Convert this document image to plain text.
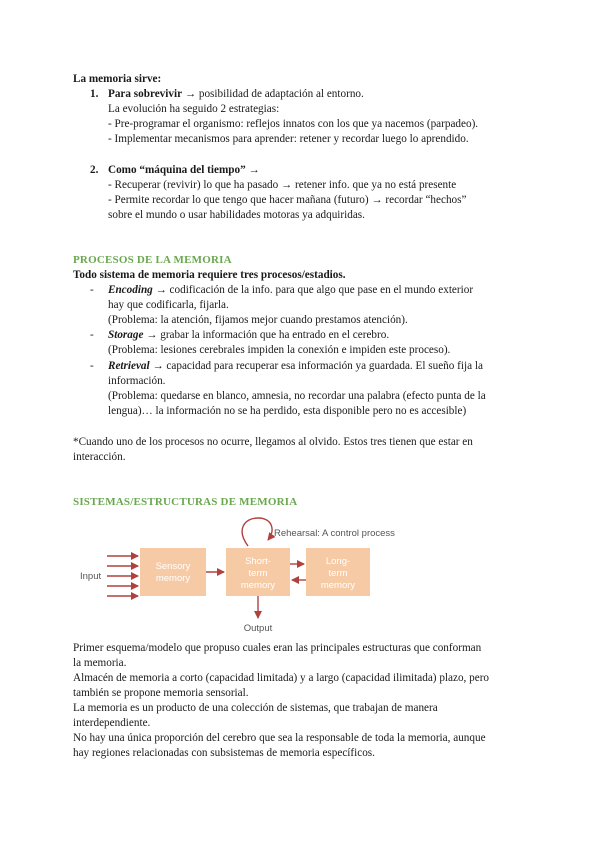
La memoria sirve:
1. Para sobrevivir → posibilidad de adaptación al entorno.
La evolución ha seguido 2 estrategias:
- Pre-programar el organismo: reflejos innatos con los que ya nacemos (parpadeo).
- Implementar mecanismos para aprender: retener y recordar luego lo aprendido.
2. Como “máquina del tiempo” →
- Recuperar (revivir) lo que ha pasado → retener info. que ya no está presente
- Permite recordar lo que tengo que hacer mañana (futuro) → recordar “hechos”
sobre el mundo o usar habilidades motoras ya adquiridas.
PROCESOS DE LA MEMORIA
Todo sistema de memoria requiere tres procesos/estadios.
- Encoding → codificación de la info. para que algo que pase en el mundo exterior
hay que codificarla, fijarla.
(Problema: la atención, fijamos mejor cuando prestamos atención).
- Storage → grabar la información que ha entrado en el cerebro.
(Problema: lesiones cerebrales impiden la conexión e impiden este proceso).
- Retrieval → capacidad para recuperar esa información ya guardada. El sueño fija la
información.
(Problema: quedarse en blanco, amnesia, no recordar una palabra (efecto punta de la
lengua)… la información no se ha perdido, esta disponible pero no es accesible)
*Cuando uno de los procesos no ocurre, llegamos al olvido. Estos tres tienen que estar en
interacción.
SISTEMAS/ESTRUCTURAS DE MEMORIA
Rehearsal: A control process
Input
Sensory
memory
Short-
term
memory
Long-
term
memory
Output
Primer esquema/modelo que propuso cuales eran las principales estructuras que conforman
la memoria.
Almacén de memoria a corto (capacidad limitada) y a largo (capacidad ilimitada) plazo, pero
también se propone memoria sensorial.
La memoria es un producto de una colección de sistemas, que trabajan de manera
interdependiente.
No hay una única proporción del cerebro que sea la responsable de toda la memoria, aunque
hay regiones relacionadas con subsistemas de memoria específicos.
